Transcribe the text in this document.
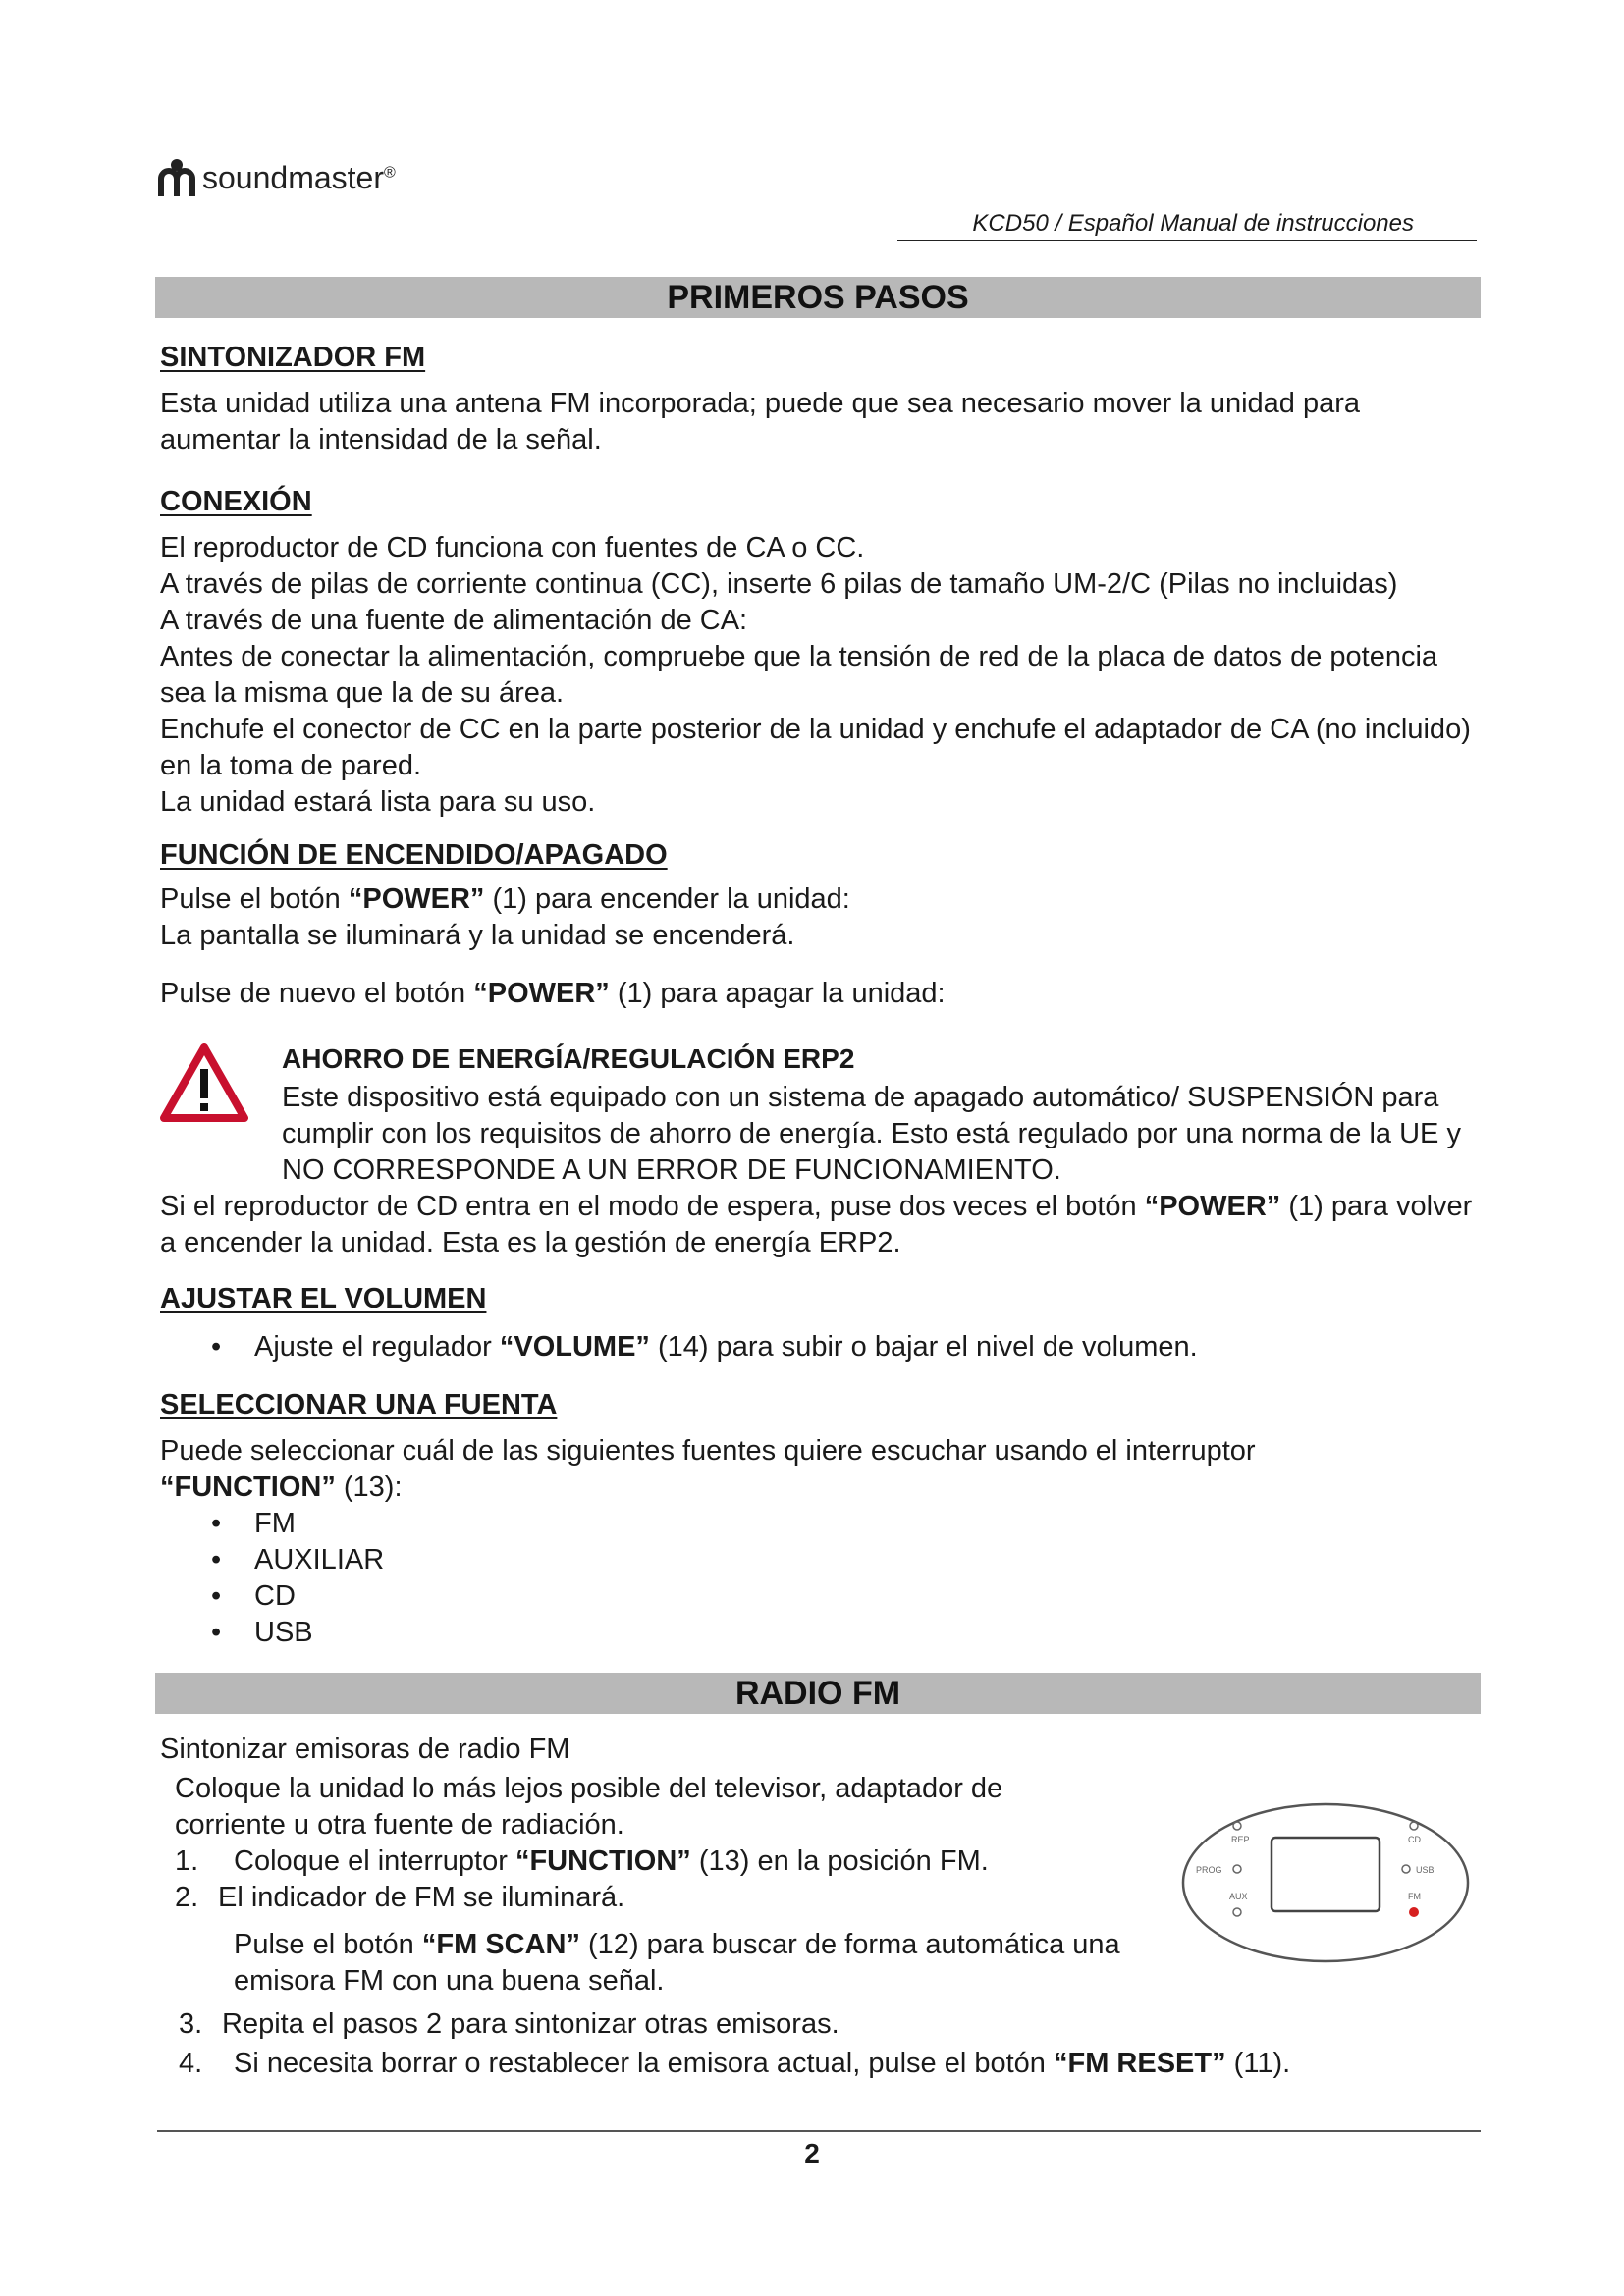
soundmaster®
KCD50 / Español Manual de instrucciones
PRIMEROS PASOS
SINTONIZADOR FM
Esta unidad utiliza una antena FM incorporada; puede que sea necesario mover la unidad para aumentar la intensidad de la señal.
CONEXIÓN
El reproductor de CD funciona con fuentes de CA o CC.
A través de pilas de corriente continua (CC), inserte 6 pilas de tamaño UM-2/C (Pilas no incluidas)
A través de una fuente de alimentación de CA:
Antes de conectar la alimentación, compruebe que la tensión de red de la placa de datos de potencia sea la misma que la de su área.
Enchufe el conector de CC en la parte posterior de la unidad y enchufe el adaptador de CA (no incluido) en la toma de pared.
La unidad estará lista para su uso.
FUNCIÓN DE ENCENDIDO/APAGADO
Pulse el botón “POWER” (1) para encender la unidad:
La pantalla se iluminará y la unidad se encenderá.
Pulse de nuevo el botón “POWER” (1) para apagar la unidad:
AHORRO DE ENERGÍA/REGULACIÓN ERP2
Este dispositivo está equipado con un sistema de apagado automático/ SUSPENSIÓN para cumplir con los requisitos de ahorro de energía. Esto está regulado por una norma de la UE y NO CORRESPONDE A UN ERROR DE FUNCIONAMIENTO.
Si el reproductor de CD entra en el modo de espera, puse dos veces el botón “POWER” (1) para volver a encender la unidad. Esta es la gestión de energía ERP2.
AJUSTAR EL VOLUMEN
•	Ajuste el regulador “VOLUME” (14) para subir o bajar el nivel de volumen.
SELECCIONAR UNA FUENTA
Puede seleccionar cuál de las siguientes fuentes quiere escuchar usando el interruptor
“FUNCTION” (13):
•	FM
•	AUXILIAR
•	CD
•	USB
RADIO FM
Sintonizar emisoras de radio FM
Coloque la unidad lo más lejos posible del televisor, adaptador de corriente u otra fuente de radiación.
1. Coloque el interruptor “FUNCTION” (13) en la posición FM.
2. El indicador de FM se iluminará.
Pulse el botón “FM SCAN” (12) para buscar de forma automática una emisora FM con una buena señal.
3. Repita el pasos 2 para sintonizar otras emisoras.
4. Si necesita borrar o restablecer la emisora actual, pulse el botón “FM RESET” (11).
REP
PROG
AUX
CD
USB
FM
2
